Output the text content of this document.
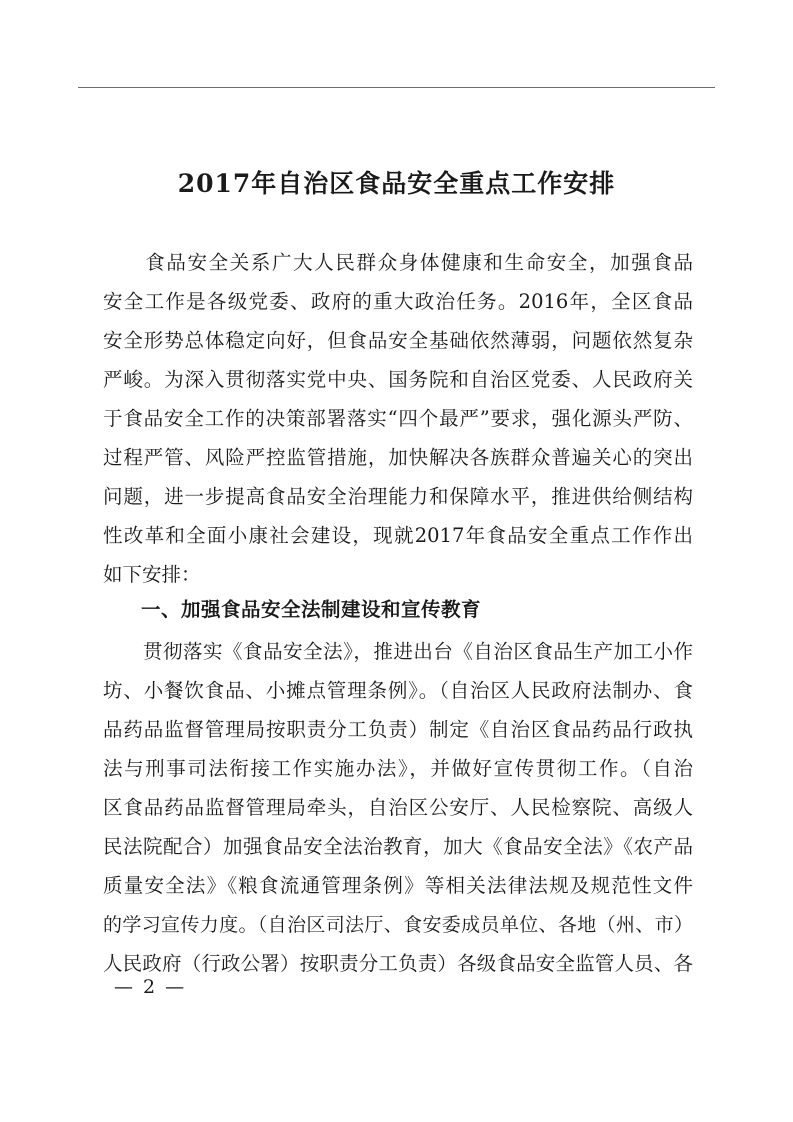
2017年自治区食品安全重点工作安排
　　食品安全关系广大人民群众身体健康和生命安全，加强食品
安全工作是各级党委、政府的重大政治任务。2016年，全区食品
安全形势总体稳定向好，但食品安全基础依然薄弱，问题依然复杂
严峻。为深入贯彻落实党中央、国务院和自治区党委、人民政府关
于食品安全工作的决策部署落实“四个最严”要求，强化源头严防、
过程严管、风险严控监管措施，加快解决各族群众普遍关心的突出
问题，进一步提高食品安全治理能力和保障水平，推进供给侧结构
性改革和全面小康社会建设，现就2017年食品安全重点工作作出
如下安排：
一、加强食品安全法制建设和宣传教育
　　贯彻落实《食品安全法》，推进出台《自治区食品生产加工小作
坊、小餐饮食品、小摊点管理条例》。（自治区人民政府法制办、食
品药品监督管理局按职责分工负责）制定《自治区食品药品行政执
法与刑事司法衔接工作实施办法》，并做好宣传贯彻工作。（自治
区食品药品监督管理局牵头，自治区公安厅、人民检察院、高级人
民法院配合）加强食品安全法治教育，加大《食品安全法》《农产品
质量安全法》《粮食流通管理条例》等相关法律法规及规范性文件
的学习宣传力度。（自治区司法厅、食安委成员单位、各地（州、市）
人民政府（行政公署）按职责分工负责）各级食品安全监管人员、各
— 2 —
